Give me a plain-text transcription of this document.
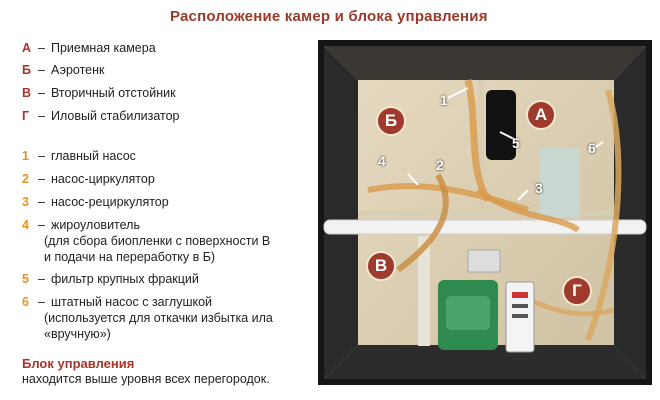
Расположение камер и блока управления
А – Приемная камера
Б – Аэротенк
В – Вторичный отстойник
Г – Иловый стабилизатор
1 – главный насос
2 – насос-циркулятор
3 – насос-рециркулятор
4 – жироуловитель
(для сбора биопленки с поверхности В
и подачи на переработку в Б)
5 – фильтр крупных фракций
6 – штатный насос с заглушкой
(используется для откачки избытка ила
«вручную»)
Блок управления
находится выше уровня всех перегородок.
Б	А
В
Г
1
2
3
4
5	6
